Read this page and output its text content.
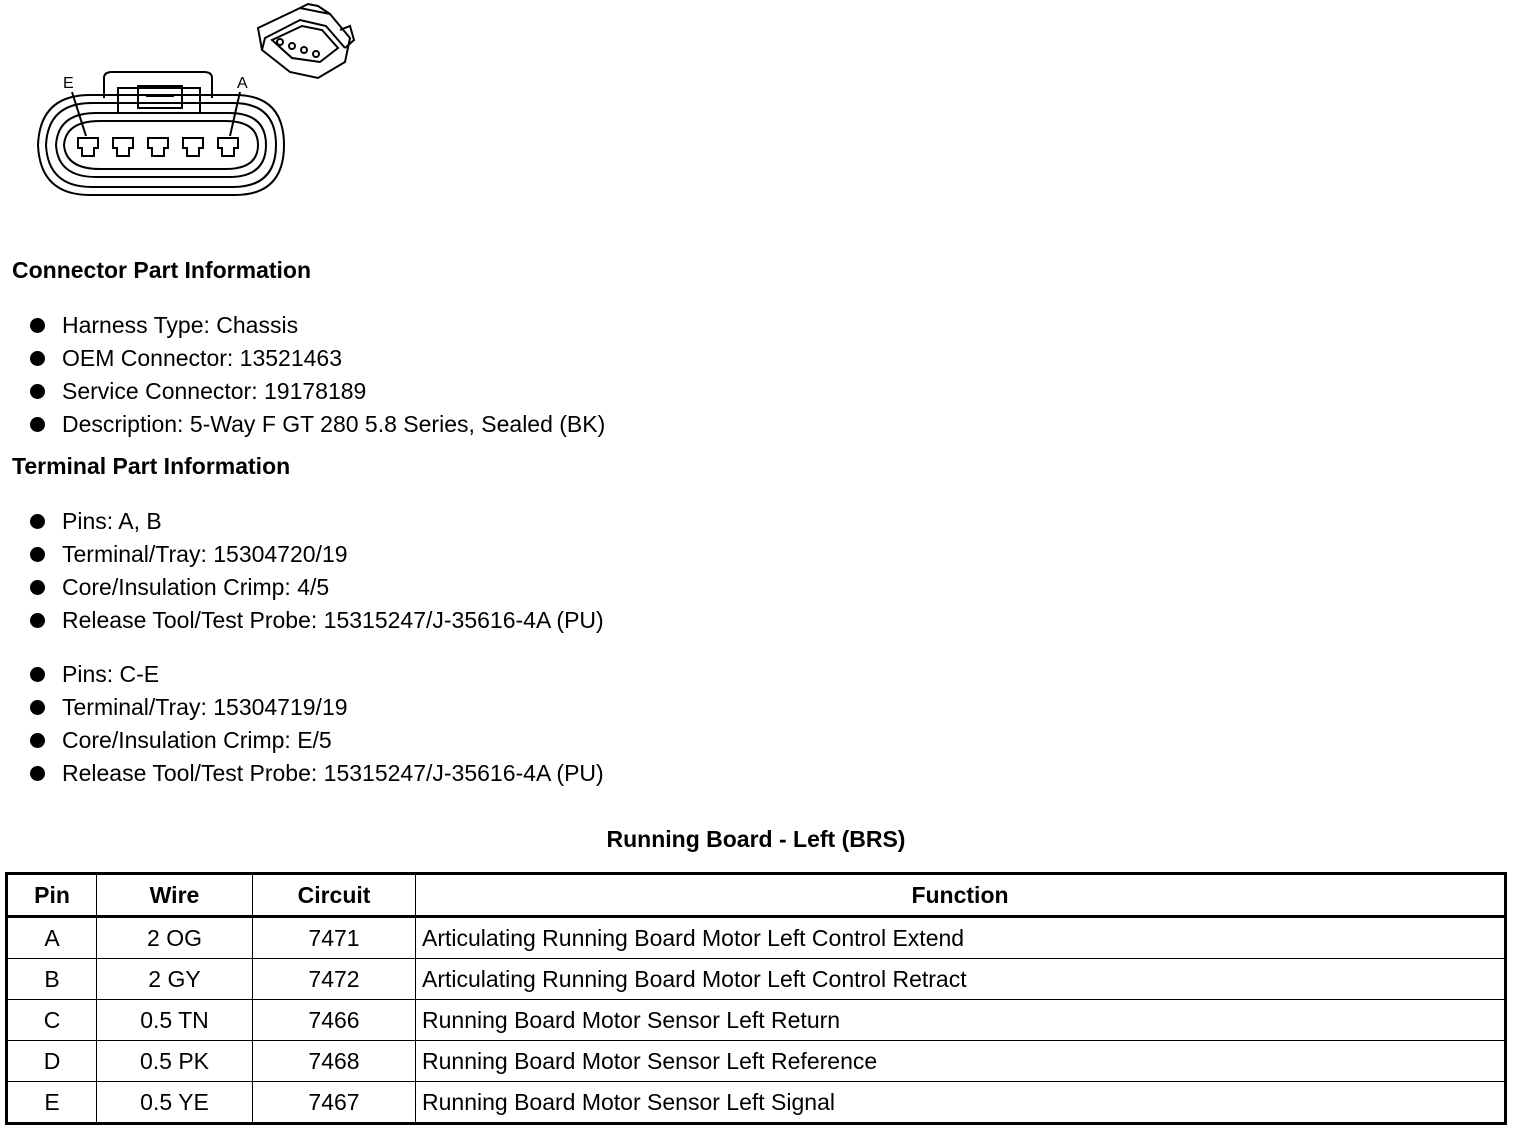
E	A
Connector Part Information
Harness Type: Chassis
OEM Connector: 13521463
Service Connector: 19178189
Description: 5-Way F GT 280 5.8 Series, Sealed (BK)
Terminal Part Information
Pins: A, B
Terminal/Tray: 15304720/19
Core/Insulation Crimp: 4/5
Release Tool/Test Probe: 15315247/J-35616-4A (PU)
Pins: C-E
Terminal/Tray: 15304719/19
Core/Insulation Crimp: E/5
Release Tool/Test Probe: 15315247/J-35616-4A (PU)
Running Board - Left (BRS)
Pin	Wire	Circuit	Function
A	2 OG	7471	Articulating Running Board Motor Left Control Extend
B	2 GY	7472	Articulating Running Board Motor Left Control Retract
C	0.5 TN	7466	Running Board Motor Sensor Left Return
D	0.5 PK	7468	Running Board Motor Sensor Left Reference
E	0.5 YE	7467	Running Board Motor Sensor Left Signal
